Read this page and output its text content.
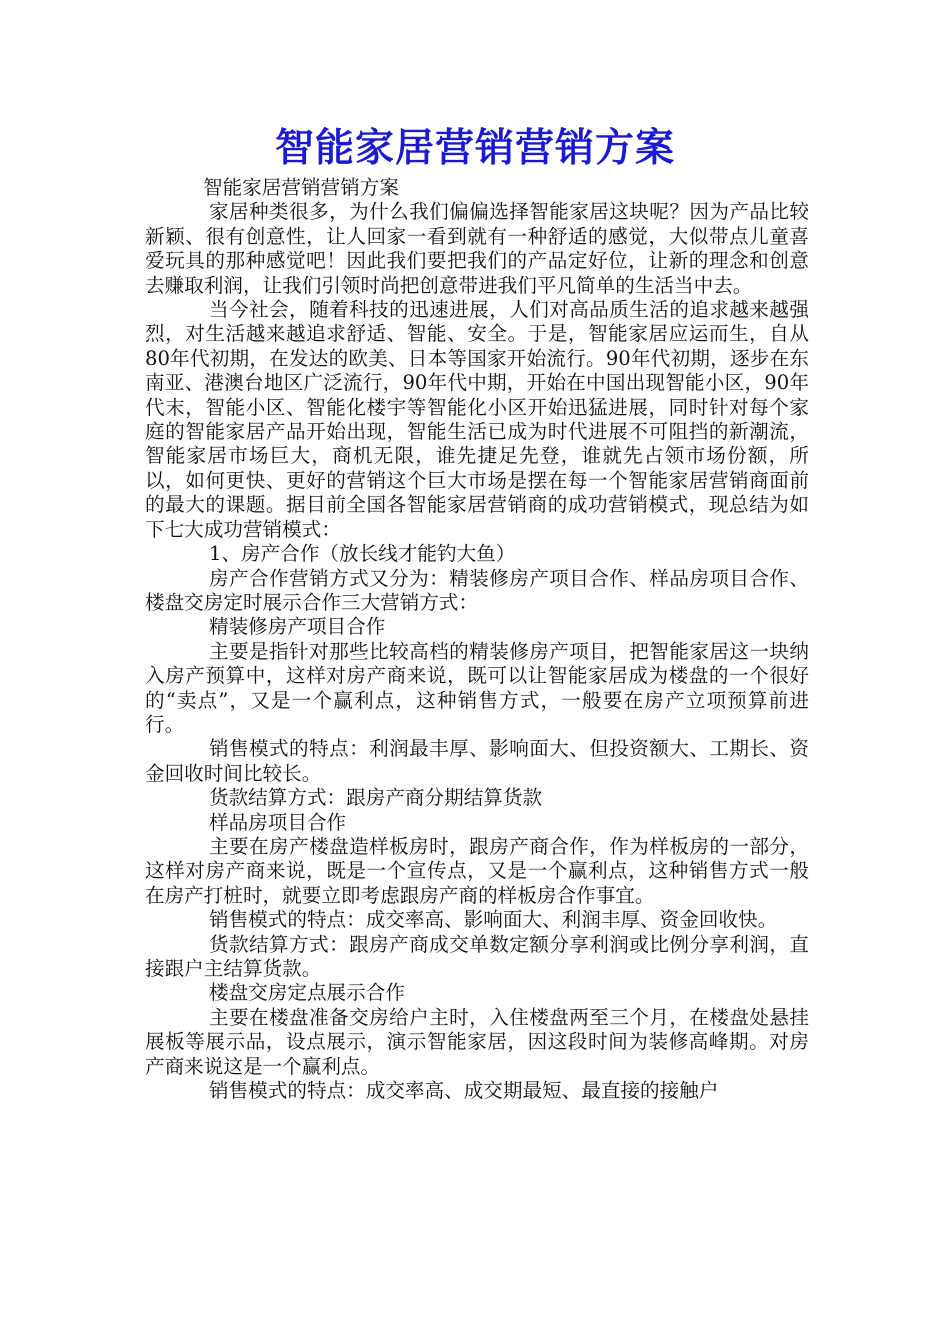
智能家居营销营销方案

智能家居营销营销方案

家居种类很多，为什么我们偏偏选择智能家居这块呢？因为产品比较新颖、很有创意性，让人回家一看到就有一种舒适的感觉，大似带点儿童喜爱玩具的那种感觉吧！因此我们要把我们的产品定好位，让新的理念和创意去赚取利润，让我们引领时尚把创意带进我们平凡简单的生活当中去。

当今社会，随着科技的迅速进展，人们对高品质生活的追求越来越强烈，对生活越来越追求舒适、智能、安全。于是，智能家居应运而生，自从80年代初期，在发达的欧美、日本等国家开始流行。90年代初期，逐步在东南亚、港澳台地区广泛流行，90年代中期，开始在中国出现智能小区，90年代末，智能小区、智能化楼宇等智能化小区开始迅猛进展，同时针对每个家庭的智能家居产品开始出现，智能生活已成为时代进展不可阻挡的新潮流，智能家居市场巨大，商机无限，谁先捷足先登，谁就先占领市场份额，所以，如何更快、更好的营销这个巨大市场是摆在每一个智能家居营销商面前的最大的课题。据目前全国各智能家居营销商的成功营销模式，现总结为如下七大成功营销模式：

1、房产合作（放长线才能钓大鱼）

房产合作营销方式又分为：精装修房产项目合作、样品房项目合作、楼盘交房定时展示合作三大营销方式：

精装修房产项目合作

主要是指针对那些比较高档的精装修房产项目，把智能家居这一块纳入房产预算中，这样对房产商来说，既可以让智能家居成为楼盘的一个很好的“卖点”，又是一个赢利点，这种销售方式，一般要在房产立项预算前进行。

销售模式的特点：利润最丰厚、影响面大、但投资额大、工期长、资金回收时间比较长。

货款结算方式：跟房产商分期结算货款

样品房项目合作

主要在房产楼盘造样板房时，跟房产商合作，作为样板房的一部分，这样对房产商来说，既是一个宣传点，又是一个赢利点，这种销售方式一般在房产打桩时，就要立即考虑跟房产商的样板房合作事宜。

销售模式的特点：成交率高、影响面大、利润丰厚、资金回收快。

货款结算方式：跟房产商成交单数定额分享利润或比例分享利润，直接跟户主结算货款。

楼盘交房定点展示合作

主要在楼盘准备交房给户主时，入住楼盘两至三个月，在楼盘处悬挂展板等展示品，设点展示，演示智能家居，因这段时间为装修高峰期。对房产商来说这是一个赢利点。

销售模式的特点：成交率高、成交期最短、最直接的接触户
